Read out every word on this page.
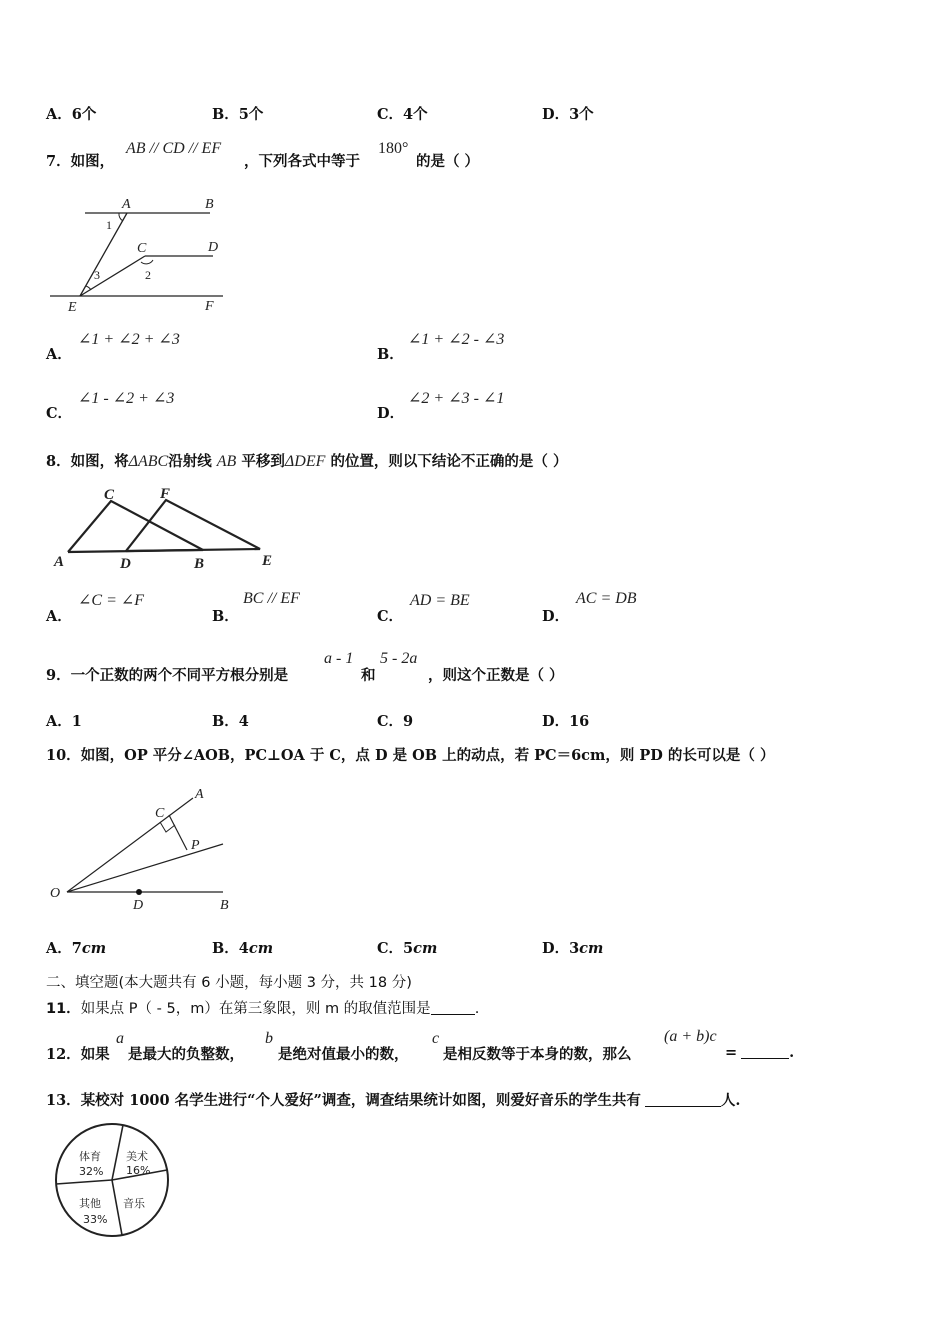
A．6个	B．5个	C．4个	D．3个
7．如图，
AB // CD // EF
，下列各式中等于
180°
的是（ ）
A	B
C	D
E	F
1
2
3
A．
∠1 + ∠2 + ∠3
B．
∠1 + ∠2 - ∠3
C．
∠1 - ∠2 + ∠3
D．
∠2 + ∠3 - ∠1
8．如图，将ΔABC沿射线 AB 平移到ΔDEF 的位置，则以下结论不正确的是（ ）
C	F
A	D	B	E
A．
∠C = ∠F
B．
BC // EF
C．
AD = BE
D．
AC = DB
9．一个正数的两个不同平方根分别是
a - 1
和
5 - 2a
，则这个正数是（ ）
A．1	B．4	C．9	D．16
10．如图，OP 平分∠AOB，PC⊥OA 于 C，点 D 是 OB 上的动点，若 PC＝6cm，则 PD 的长可以是（ ）
A
C
P
O
D	B
A．7cm	B．4cm	C．5cm	D．3cm
二、填空题(本大题共有 6 小题，每小题 3 分，共 18 分)
11．如果点 P（ - 5，m）在第三象限，则 m 的取值范围是	.
12．如果
a
是最大的负整数，
b
是绝对值最小的数，
c
是相反数等于本身的数，那么
(a + b)c
=	.
13．某校对 1000 名学生进行“个人爱好”调查，调查结果统计如图，则爱好音乐的学生共有	人.
体育
32%
美术
16%
音乐
其他
33%
